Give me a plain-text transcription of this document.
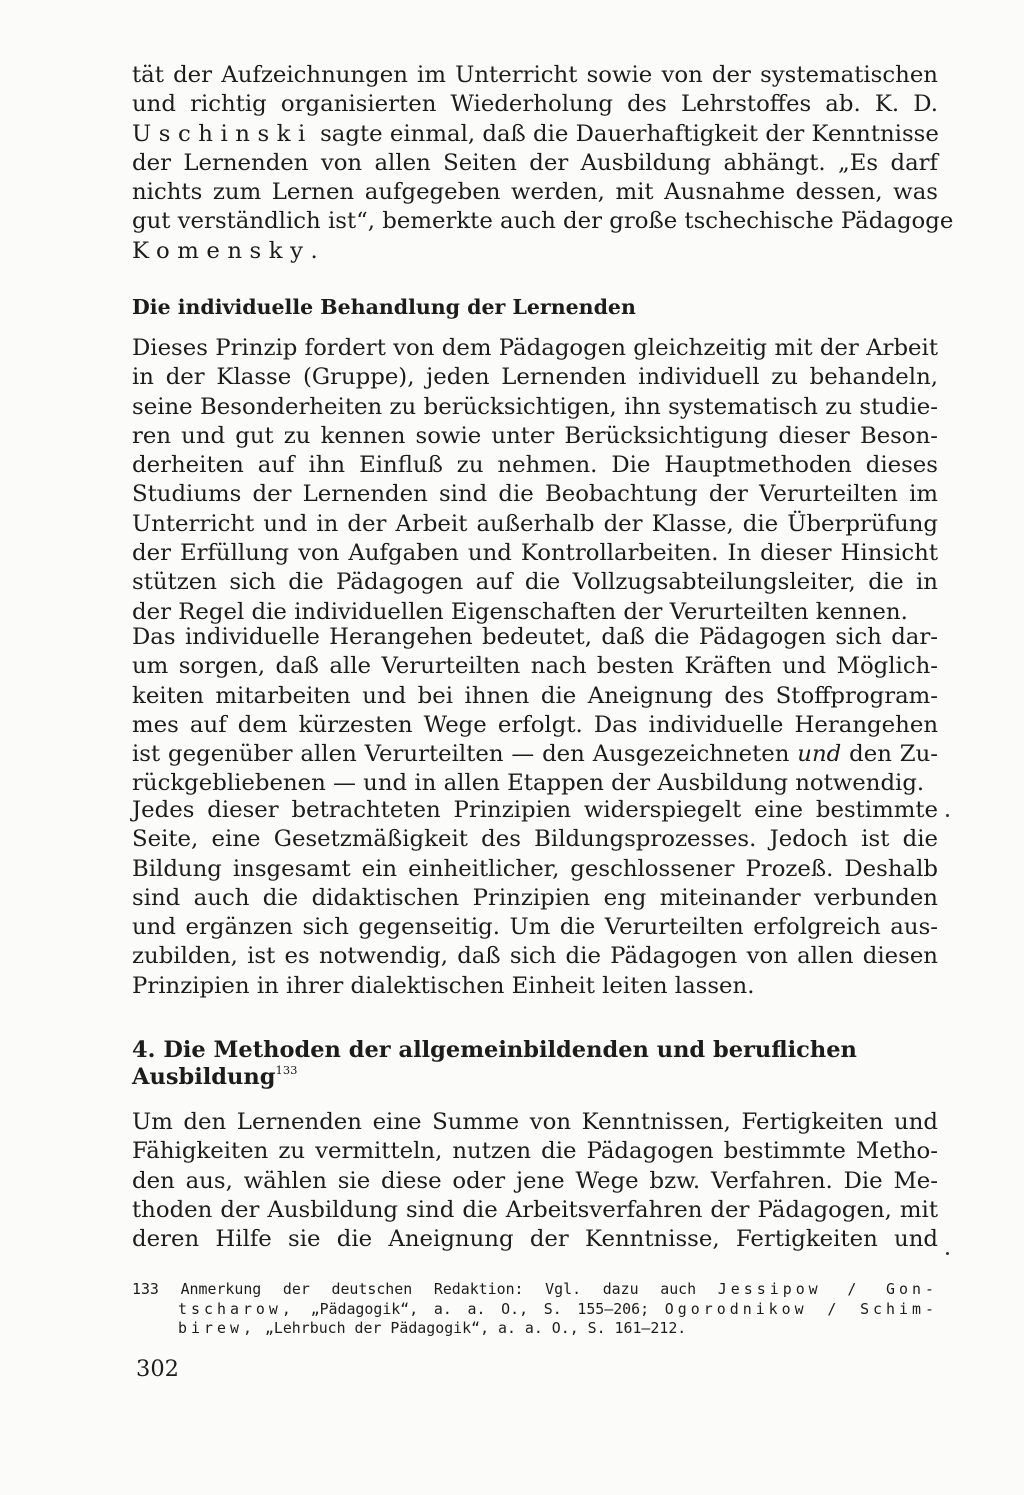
tät der Aufzeichnungen im Unterricht sowie von der systematischen
und richtig organisierten Wiederholung des Lehrstoffes ab. K. D.
Uschinski sagte einmal, daß die Dauerhaftigkeit der Kenntnisse
der Lernenden von allen Seiten der Ausbildung abhängt. „Es darf
nichts zum Lernen aufgegeben werden, mit Ausnahme dessen, was
gut verständlich ist“, bemerkte auch der große tschechische Pädagoge
Komensky.
Die individuelle Behandlung der Lernenden
Dieses Prinzip fordert von dem Pädagogen gleichzeitig mit der Arbeit
in der Klasse (Gruppe), jeden Lernenden individuell zu behandeln,
seine Besonderheiten zu berücksichtigen, ihn systematisch zu studie-
ren und gut zu kennen sowie unter Berücksichtigung dieser Beson-
derheiten auf ihn Einfluß zu nehmen. Die Hauptmethoden dieses
Studiums der Lernenden sind die Beobachtung der Verurteilten im
Unterricht und in der Arbeit außerhalb der Klasse, die Überprüfung
der Erfüllung von Aufgaben und Kontrollarbeiten. In dieser Hinsicht
stützen sich die Pädagogen auf die Vollzugsabteilungsleiter, die in
der Regel die individuellen Eigenschaften der Verurteilten kennen.
Das individuelle Herangehen bedeutet, daß die Pädagogen sich dar-
um sorgen, daß alle Verurteilten nach besten Kräften und Möglich-
keiten mitarbeiten und bei ihnen die Aneignung des Stoffprogram-
mes auf dem kürzesten Wege erfolgt. Das individuelle Herangehen
ist gegenüber allen Verurteilten — den Ausgezeichneten und den Zu-
rückgebliebenen — und in allen Etappen der Ausbildung notwendig.
Jedes dieser betrachteten Prinzipien widerspiegelt eine bestimmte
Seite, eine Gesetzmäßigkeit des Bildungsprozesses. Jedoch ist die
Bildung insgesamt ein einheitlicher, geschlossener Prozeß. Deshalb
sind auch die didaktischen Prinzipien eng miteinander verbunden
und ergänzen sich gegenseitig. Um die Verurteilten erfolgreich aus-
zubilden, ist es notwendig, daß sich die Pädagogen von allen diesen
Prinzipien in ihrer dialektischen Einheit leiten lassen.
4. Die Methoden der allgemeinbildenden und beruflichen
Ausbildung$^{133}$
Um den Lernenden eine Summe von Kenntnissen, Fertigkeiten und
Fähigkeiten zu vermitteln, nutzen die Pädagogen bestimmte Metho-
den aus, wählen sie diese oder jene Wege bzw. Verfahren. Die Me-
thoden der Ausbildung sind die Arbeitsverfahren der Pädagogen, mit
deren Hilfe sie die Aneignung der Kenntnisse, Fertigkeiten und
133 Anmerkung der deutschen Redaktion: Vgl. dazu auch Jessipow / Gon-
tscharow, „Pädagogik“, a. a. O., S. 155–206; Ogorodnikow / Schim-
birew, „Lehrbuch der Pädagogik“, a. a. O., S. 161–212.
302
